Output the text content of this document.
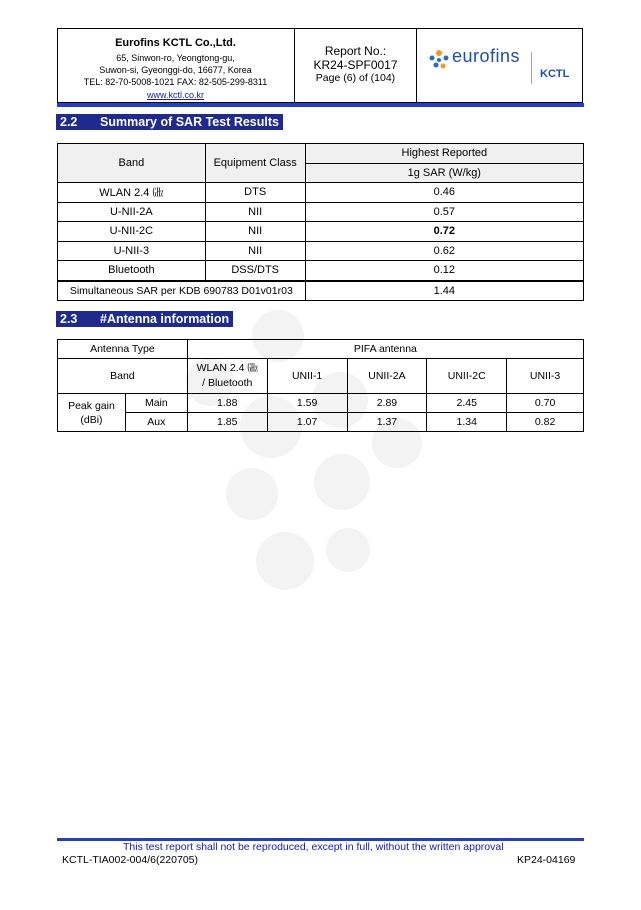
Eurofins KCTL Co.,Ltd.
65, Sinwon-ro, Yeongtong-gu,
Suwon-si, Gyeonggi-do, 16677, Korea
TEL: 82-70-5008-1021 FAX: 82-505-299-8311
www.kctl.co.kr
Report No.:
KR24-SPF0017
Page (6) of (104)
eurofins
KCTL
2.2 Summary of SAR Test Results
Band	Equipment Class	Highest Reported
		1g SAR (W/kg)
WLAN 2.4 ㎓	DTS	0.46
U-NII-2A	NII	0.57
U-NII-2C	NII	0.72
U-NII-3	NII	0.62
Bluetooth	DSS/DTS	0.12
Simultaneous SAR per KDB 690783 D01v01r03		1.44
2.3 #Antenna information
Antenna Type		PIFA antenna				
Band		WLAN 2.4 ㎓ / Bluetooth	UNII-1	UNII-2A	UNII-2C	UNII-3
Peak gain (dBi)	Main	1.88	1.59	2.89	2.45	0.70
	Aux	1.85	1.07	1.37	1.34	0.82
This test report shall not be reproduced, except in full, without the written approval
KCTL-TIA002-004/6(220705)	KP24-04169
